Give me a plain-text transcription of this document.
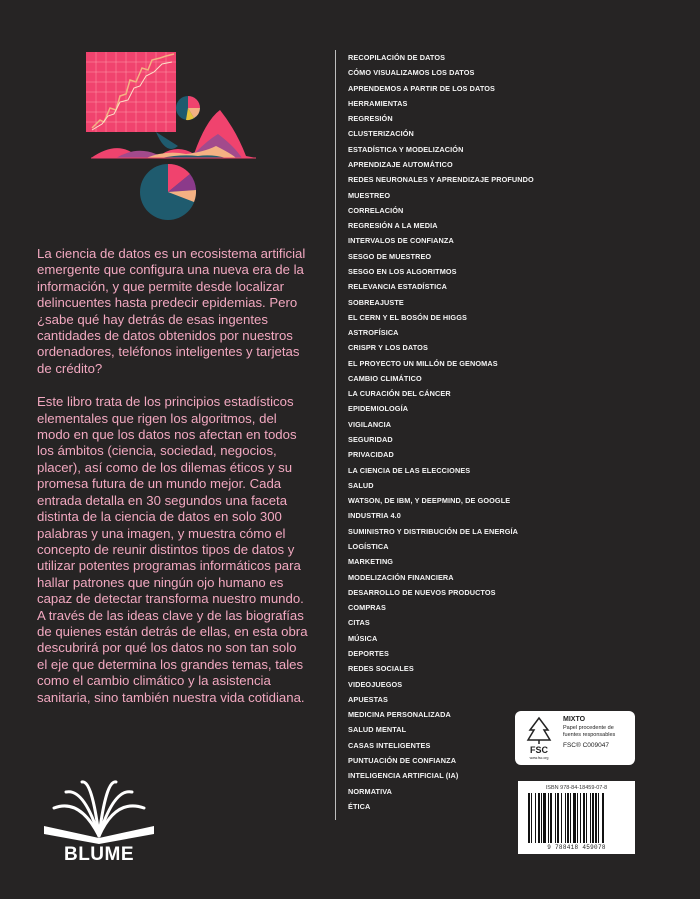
La ciencia de datos es un ecosistema artificial emergente que configura una nueva era de la información, y que permite desde localizar delincuentes hasta predecir epidemias. Pero ¿sabe qué hay detrás de esas ingentes cantidades de datos obtenidos por nuestros ordenadores, teléfonos inteligentes y tarjetas de crédito?

Este libro trata de los principios estadísticos elementales que rigen los algoritmos, del modo en que los datos nos afectan en todos los ámbitos (ciencia, sociedad, negocios, placer), así como de los dilemas éticos y su promesa futura de un mundo mejor. Cada entrada detalla en 30 segundos una faceta distinta de la ciencia de datos en solo 300 palabras y una imagen, y muestra cómo el concepto de reunir distintos tipos de datos y utilizar potentes programas informáticos para hallar patrones que ningún ojo humano es capaz de detectar transforma nuestro mundo. A través de las ideas clave y de las biografías de quienes están detrás de ellas, en esta obra descubrirá por qué los datos no son tan solo el eje que determina los grandes temas, tales como el cambio climático y la asistencia sanitaria, sino también nuestra vida cotidiana.

BLUME
RECOPILACIÓN DE DATOS
CÓMO VISUALIZAMOS LOS DATOS
APRENDEMOS A PARTIR DE LOS DATOS
HERRAMIENTAS
REGRESIÓN
CLUSTERIZACIÓN
ESTADÍSTICA Y MODELIZACIÓN
APRENDIZAJE AUTOMÁTICO
REDES NEURONALES Y APRENDIZAJE PROFUNDO
MUESTREO
CORRELACIÓN
REGRESIÓN A LA MEDIA
INTERVALOS DE CONFIANZA
SESGO DE MUESTREO
SESGO EN LOS ALGORITMOS
RELEVANCIA ESTADÍSTICA
SOBREAJUSTE
EL CERN Y EL BOSÓN DE HIGGS
ASTROFÍSICA
CRISPR Y LOS DATOS
EL PROYECTO UN MILLÓN DE GENOMAS
CAMBIO CLIMÁTICO
LA CURACIÓN DEL CÁNCER
EPIDEMIOLOGÍA
VIGILANCIA
SEGURIDAD
PRIVACIDAD
LA CIENCIA DE LAS ELECCIONES
SALUD
WATSON, DE IBM, Y DEEPMIND, DE GOOGLE
INDUSTRIA 4.0
SUMINISTRO Y DISTRIBUCIÓN DE LA ENERGÍA
LOGÍSTICA
MARKETING
MODELIZACIÓN FINANCIERA
DESARROLLO DE NUEVOS PRODUCTOS
COMPRAS
CITAS
MÚSICA
DEPORTES
REDES SOCIALES
VIDEOJUEGOS
APUESTAS
MEDICINA PERSONALIZADA
SALUD MENTAL
CASAS INTELIGENTES
PUNTUACIÓN DE CONFIANZA
INTELIGENCIA ARTIFICIAL (IA)
NORMATIVA
ÉTICA
FSC
www.fsc.org
MIXTO
Papel procedente de fuentes responsables
FSC® C009047
ISBN 978-84-18459-07-8
9 788418 459078
